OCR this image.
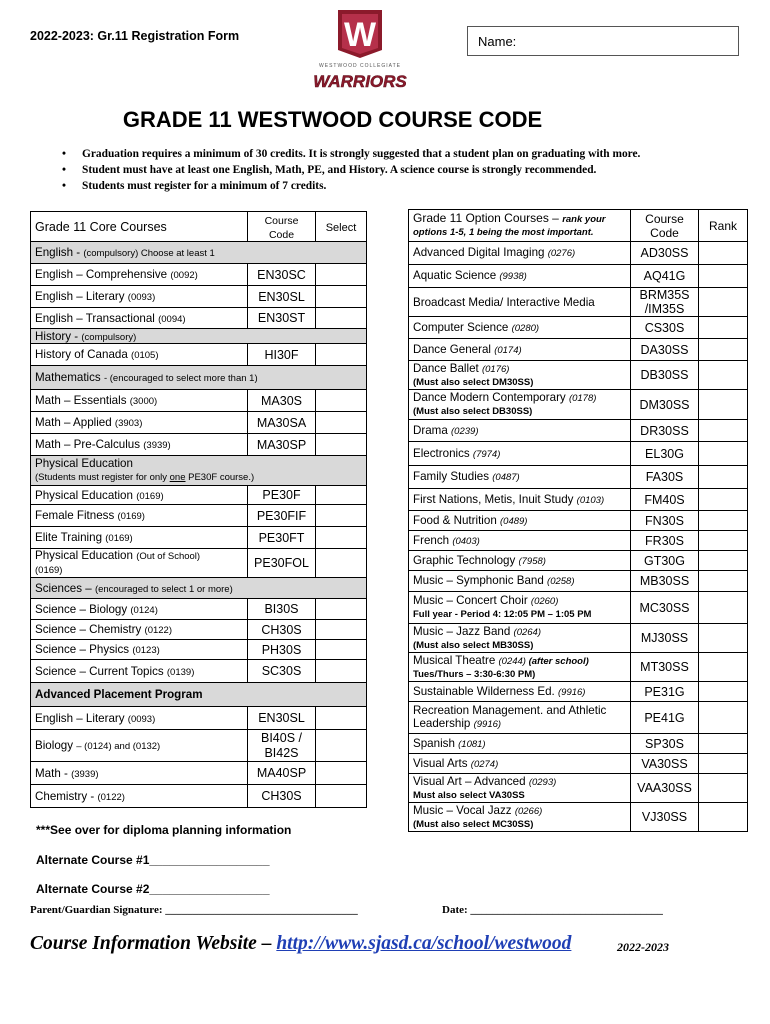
2022-2023: Gr.11 Registration Form	W
WESTWOOD COLLEGIATE
WARRIORS
Name:
GRADE 11 WESTWOOD COURSE CODE
• Graduation requires a minimum of 30 credits. It is strongly suggested that a student plan on graduating with more.
• Student must have at least one English, Math, PE, and History. A science course is strongly recommended.
• Students must register for a minimum of 7 credits.
Grade 11 Core Courses	Course Code	Select
English - (compulsory) Choose at least 1		
English – Comprehensive (0092)	EN30SC	
English – Literary (0093)	EN30SL	
English – Transactional (0094)	EN30ST	
History - (compulsory)		
History of Canada (0105)	HI30F	
Mathematics - (encouraged to select more than 1)		
Math – Essentials (3000)	MA30S	
Math – Applied (3903)	MA30SA	
Math – Pre-Calculus (3939)	MA30SP	
Physical Education
(Students must register for only one PE30F course.)		
Physical Education (0169)	PE30F	
Female Fitness (0169)	PE30FIF	
Elite Training (0169)	PE30FT	
Physical Education (Out of School)
(0169)	PE30FOL	
Sciences – (encouraged to select 1 or more)		
Science – Biology (0124)	BI30S	
Science – Chemistry (0122)	CH30S	
Science – Physics (0123)	PH30S	
Science – Current Topics (0139)	SC30S	
Advanced Placement Program		
English – Literary (0093)	EN30SL	
Biology – (0124) and (0132)	BI40S /
BI42S	
Math - (3939)	MA40SP	
Chemistry - (0122)	CH30S	
Grade 11 Option Courses – rank your options 1-5, 1 being the most important.	Course Code	Rank
Advanced Digital Imaging (0276)	AD30SS	
Aquatic Science (9938)	AQ41G	
Broadcast Media/ Interactive Media	BRM35S /IM35S	
Computer Science (0280)	CS30S	
Dance General (0174)	DA30SS	
Dance Ballet (0176)
(Must also select DM30SS)	DB30SS	
Dance Modern Contemporary (0178)
(Must also select DB30SS)	DM30SS	
Drama (0239)	DR30SS	
Electronics (7974)	EL30G	
Family Studies (0487)	FA30S	
First Nations, Metis, Inuit Study (0103)	FM40S	
Food & Nutrition (0489)	FN30S	
French (0403)	FR30S	
Graphic Technology (7958)	GT30G	
Music – Symphonic Band (0258)	MB30SS	
Music – Concert Choir (0260)
Full year - Period 4: 12:05 PM – 1:05 PM	MC30SS	
Music – Jazz Band (0264)
(Must also select MB30SS)	MJ30SS	
Musical Theatre (0244) (after school)
Tues/Thurs – 3:30-6:30 PM)	MT30SS	
Sustainable Wilderness Ed. (9916)	PE31G	
Recreation Management. and Athletic Leadership (9916)	PE41G	
Spanish (1081)	SP30S	
Visual Arts (0274)	VA30SS	
Visual Art – Advanced (0293)
Must also select VA30SS	VAA30SS	
Music – Vocal Jazz (0266)
(Must also select MC30SS)	VJ30SS	
***See over for diploma planning information
Alternate Course #1__________________
Alternate Course #2__________________
Parent/Guardian Signature: ___________________________________	Date: ___________________________________
Course Information Website – http://www.sjasd.ca/school/westwood	2022-2023
